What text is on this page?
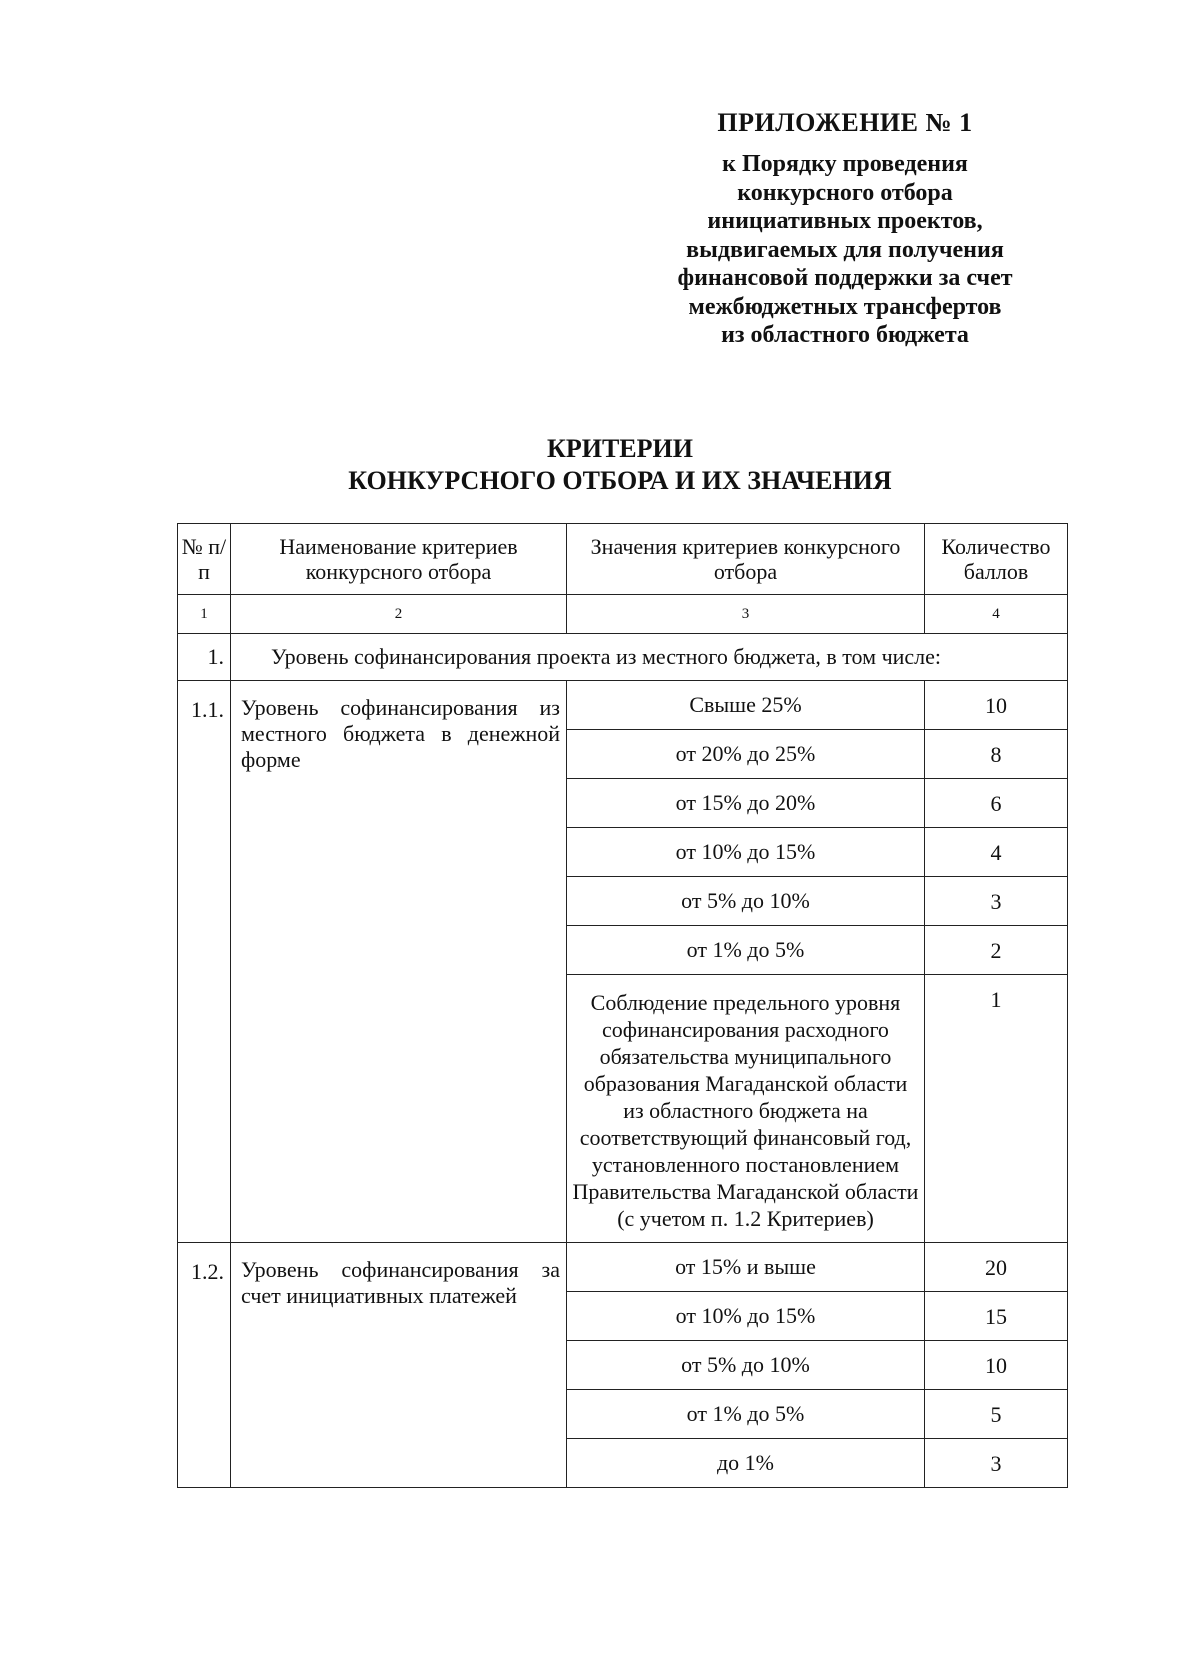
ПРИЛОЖЕНИЕ № 1
к Порядку проведения
конкурсного отбора
инициативных проектов,
выдвигаемых для получения
финансовой поддержки за счет
межбюджетных трансфертов
из областного бюджета
КРИТЕРИИ
КОНКУРСНОГО ОТБОРА И ИХ ЗНАЧЕНИЯ
№ п/п	Наименование критериев конкурсного отбора	Значения критериев конкурсного отбора	Количество баллов
1	2	3	4
1.	Уровень софинансирования проекта из местного бюджета, в том числе:		
1.1.	Уровень софинансирования из местного бюджета в денежной форме	Свыше 25%	10
		от 20% до 25%	8
		от 15% до 20%	6
		от 10% до 15%	4
		от 5% до 10%	3
		от 1% до 5%	2
		Соблюдение предельного уровня софинансирования расходного обязательства муниципального образования Магаданской области из областного бюджета на соответствующий финансовый год, установленного постановлением Правительства Магаданской области (с учетом п. 1.2 Критериев)	1
1.2.	Уровень софинансирования за счет инициативных платежей	от 15% и выше	20
		от 10% до 15%	15
		от 5% до 10%	10
		от 1% до 5%	5
		до 1%	3
